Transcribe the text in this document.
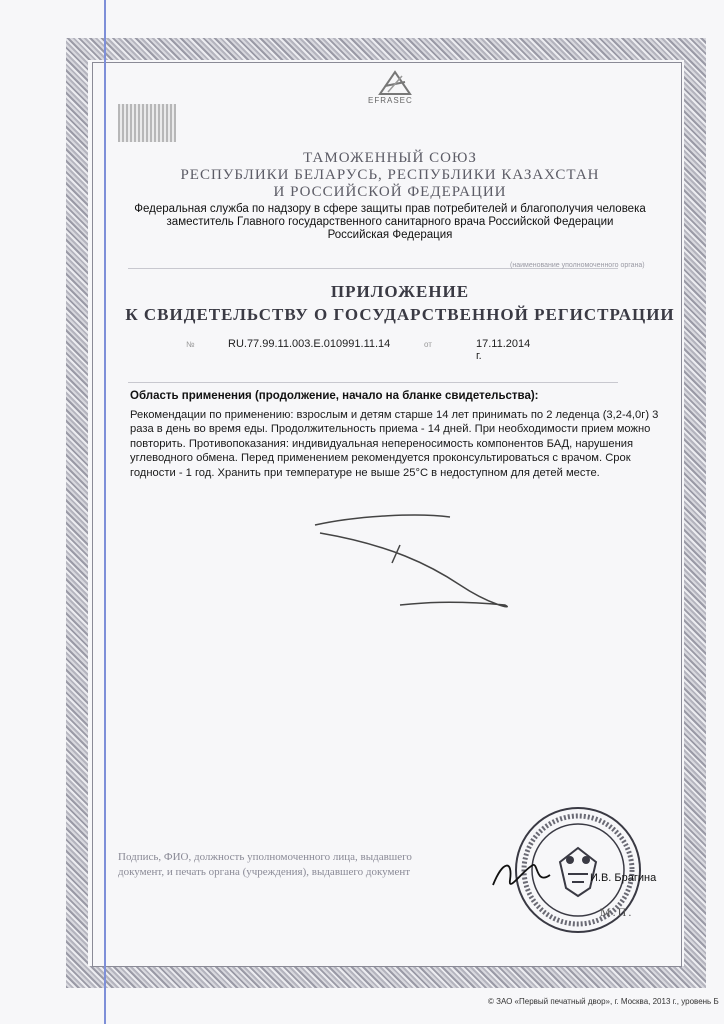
EFRASEC
ТАМОЖЕННЫЙ СОЮЗ
РЕСПУБЛИКИ БЕЛАРУСЬ, РЕСПУБЛИКИ КАЗАХСТАН
И РОССИЙСКОЙ ФЕДЕРАЦИИ
Федеральная служба по надзору в сфере защиты прав потребителей и благополучия человека
заместитель Главного государственного санитарного врача Российской Федерации
Российская Федерация
(наименование уполномоченного органа)
ПРИЛОЖЕНИЕ
К СВИДЕТЕЛЬСТВУ О ГОСУДАРСТВЕННОЙ РЕГИСТРАЦИИ
№	RU.77.99.11.003.E.010991.11.14	от	17.11.2014 г.
Область применения (продолжение, начало на бланке свидетельства):
Рекомендации по применению: взрослым и детям старше 14 лет принимать по 2 леденца (3,2-4,0г) 3 раза в день во время еды. Продолжительность приема - 14 дней. При необходимости прием можно повторить. Противопоказания: индивидуальная непереносимость компонентов БАД, нарушения углеводного обмена. Перед применением рекомендуется проконсультироваться с врачом. Срок годности - 1 год. Хранить при температуре не выше 25°С в недоступном для детей месте.
Подпись, ФИО, должность уполномоченного лица, выдавшего документ, и печать органа (учреждения), выдавшего документ	И.В. Брагина
М.П.
© ЗАО «Первый печатный двор», г. Москва, 2013 г., уровень Б
